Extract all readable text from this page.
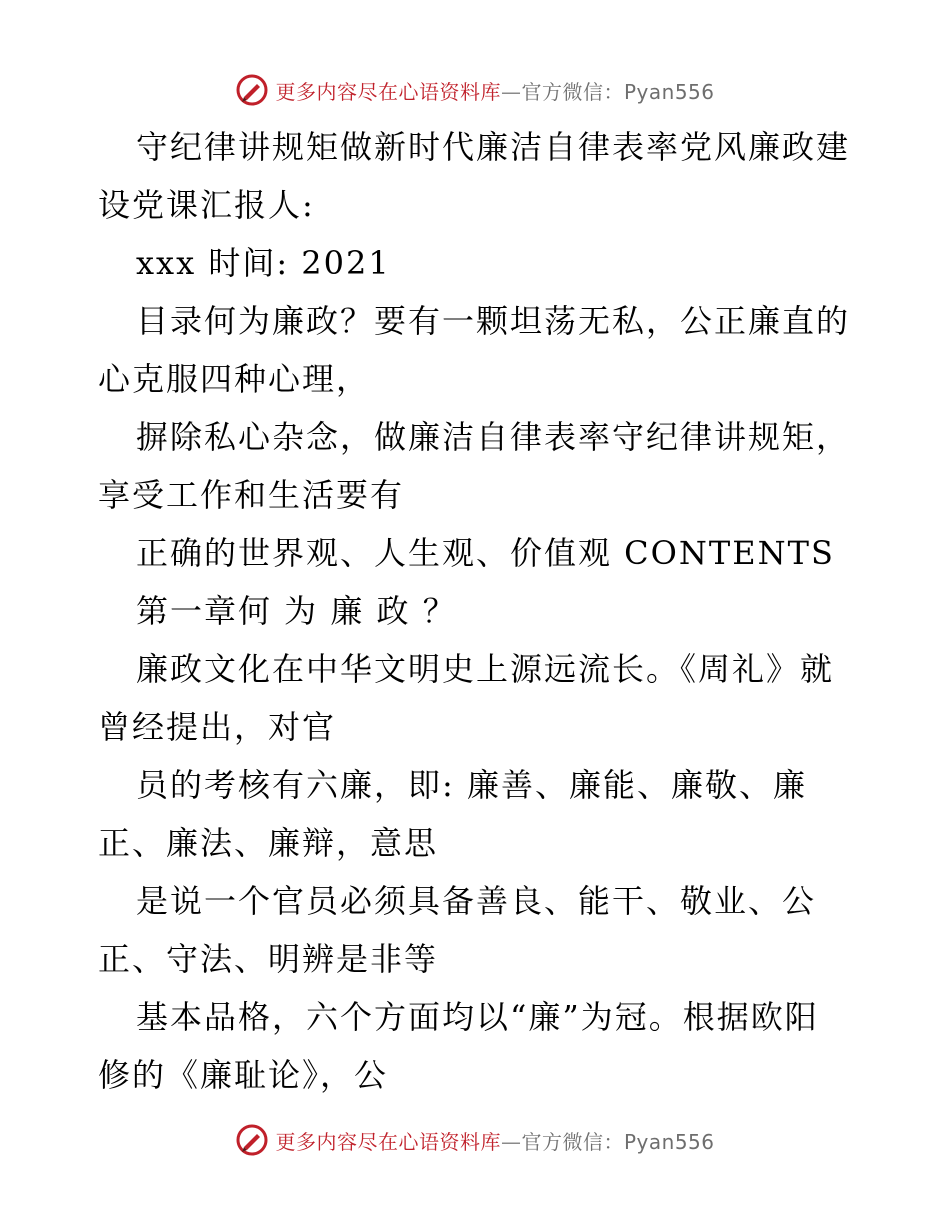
更多内容尽在心语资料库—官方微信：Pyan556
守纪律讲规矩做新时代廉洁自律表率党风廉政建
设党课汇报人:
xxx 时间: 2021
目录何为廉政？要有一颗坦荡无私，公正廉直的
心克服四种心理，
摒除私心杂念，做廉洁自律表率守纪律讲规矩，
享受工作和生活要有
正确的世界观、人生观、价值观 CONTENTS
第一章何 为 廉 政 ？
廉政文化在中华文明史上源远流长。《周礼》就
曾经提出，对官
员的考核有六廉，即: 廉善、廉能、廉敬、廉
正、廉法、廉辩，意思
是说一个官员必须具备善良、能干、敬业、公
正、守法、明辨是非等
基本品格，六个方面均以“廉”为冠。根据欧阳
修的《廉耻论》，公
更多内容尽在心语资料库—官方微信：Pyan556
